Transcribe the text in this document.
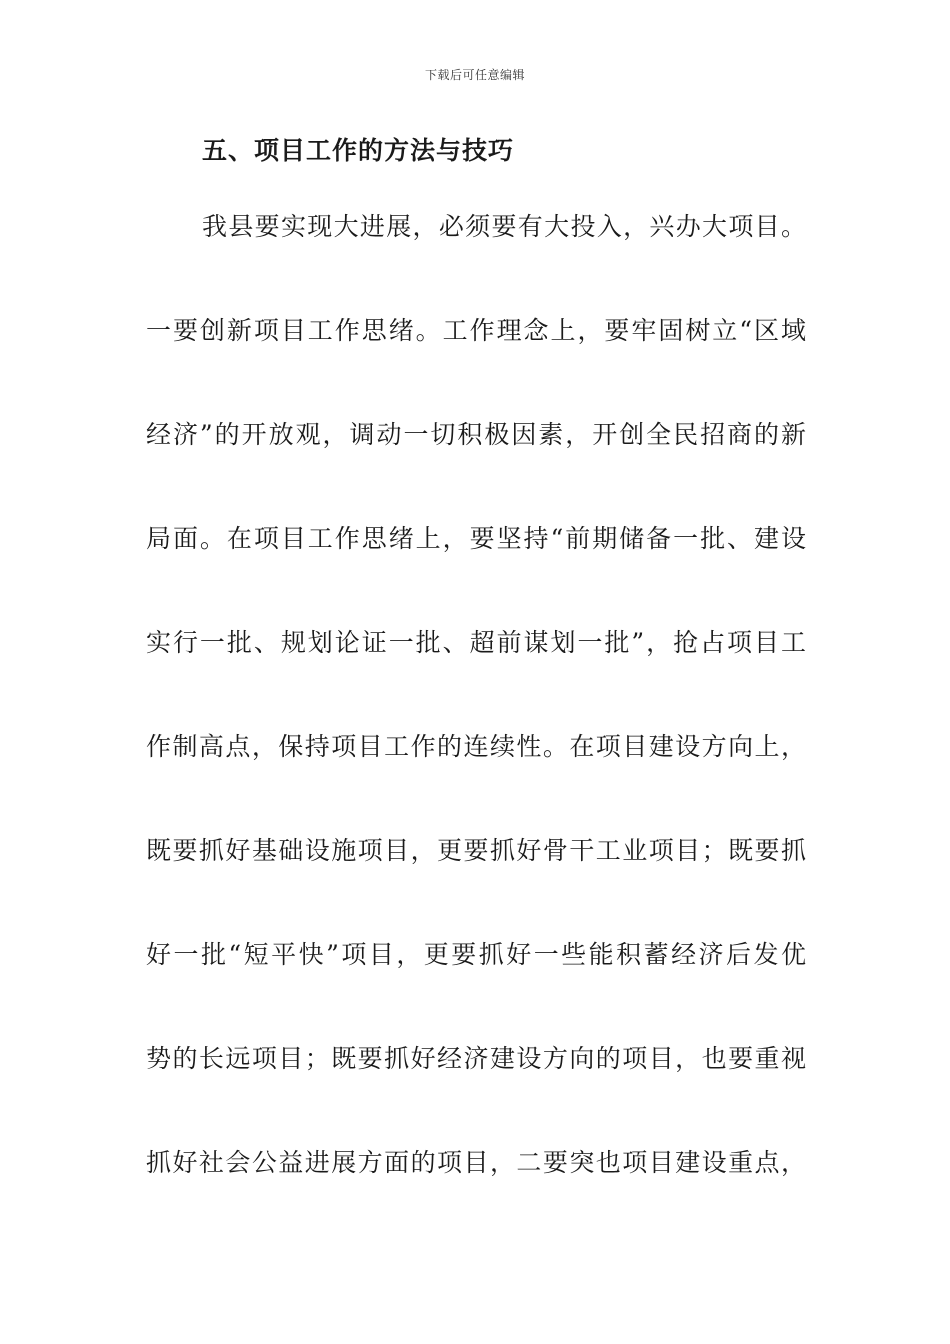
下载后可任意编辑
五、项目工作的方法与技巧
我县要实现大进展，必须要有大投入，兴办大项目。
一要创新项目工作思绪。工作理念上，要牢固树立“区域
经济”的开放观，调动一切积极因素，开创全民招商的新
局面。在项目工作思绪上，要坚持“前期储备一批、建设
实行一批、规划论证一批、超前谋划一批”，抢占项目工
作制高点，保持项目工作的连续性。在项目建设方向上，
既要抓好基础设施项目，更要抓好骨干工业项目；既要抓
好一批“短平快”项目，更要抓好一些能积蓄经济后发优
势的长远项目；既要抓好经济建设方向的项目，也要重视
抓好社会公益进展方面的项目，二要突也项目建设重点，
